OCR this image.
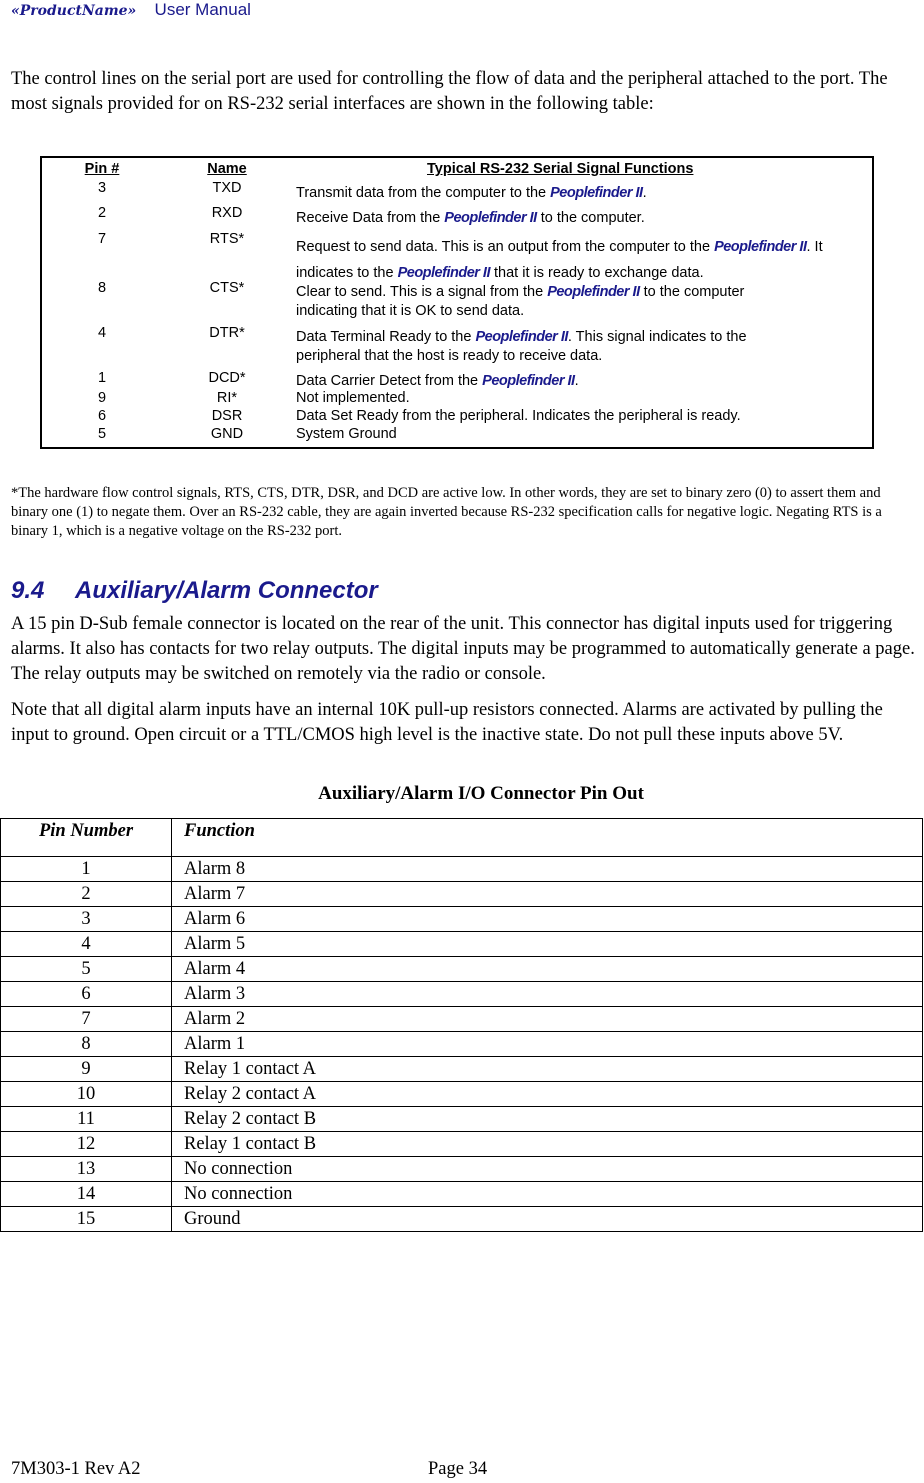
«ProductName» User Manual
The control lines on the serial port are used for controlling the flow of data and the peripheral attached to the port. The most signals provided for on RS-232 serial interfaces are shown in the following table:
Pin #	Name	Typical RS-232 Serial Signal Functions
3	TXD	Transmit data from the computer to the Peoplefinder II.
2	RXD	Receive Data from the Peoplefinder II to the computer.
7	RTS*	Request to send data. This is an output from the computer to the Peoplefinder II. It indicates to the Peoplefinder II that it is ready to exchange data.
8	CTS*	Clear to send. This is a signal from the Peoplefinder II to the computer
indicating that it is OK to send data.
4	DTR*	Data Terminal Ready to the Peoplefinder II. This signal indicates to the
peripheral that the host is ready to receive data.
1	DCD*	Data Carrier Detect from the Peoplefinder II.
9	RI*	Not implemented.
6	DSR	Data Set Ready from the peripheral. Indicates the peripheral is ready.
5	GND	System Ground
*The hardware flow control signals, RTS, CTS, DTR, DSR, and DCD are active low. In other words, they are set to binary zero (0) to assert them and binary one (1) to negate them. Over an RS-232 cable, they are again inverted because RS-232 specification calls for negative logic. Negating RTS is a binary 1, which is a negative voltage on the RS-232 port.
9.4 Auxiliary/Alarm Connector
A 15 pin D-Sub female connector is located on the rear of the unit. This connector has digital inputs used for triggering alarms. It also has contacts for two relay outputs. The digital inputs may be programmed to automatically generate a page. The relay outputs may be switched on remotely via the radio or console.
Note that all digital alarm inputs have an internal 10K pull-up resistors connected. Alarms are activated by pulling the input to ground. Open circuit or a TTL/CMOS high level is the inactive state. Do not pull these inputs above 5V.
Auxiliary/Alarm I/O Connector Pin Out
Pin Number	Function
1	Alarm 8
2	Alarm 7
3	Alarm 6
4	Alarm 5
5	Alarm 4
6	Alarm 3
7	Alarm 2
8	Alarm 1
9	Relay 1 contact A
10	Relay 2 contact A
11	Relay 2 contact B
12	Relay 1 contact B
13	No connection
14	No connection
15	Ground
7M303-1 Rev A2	Page 34
